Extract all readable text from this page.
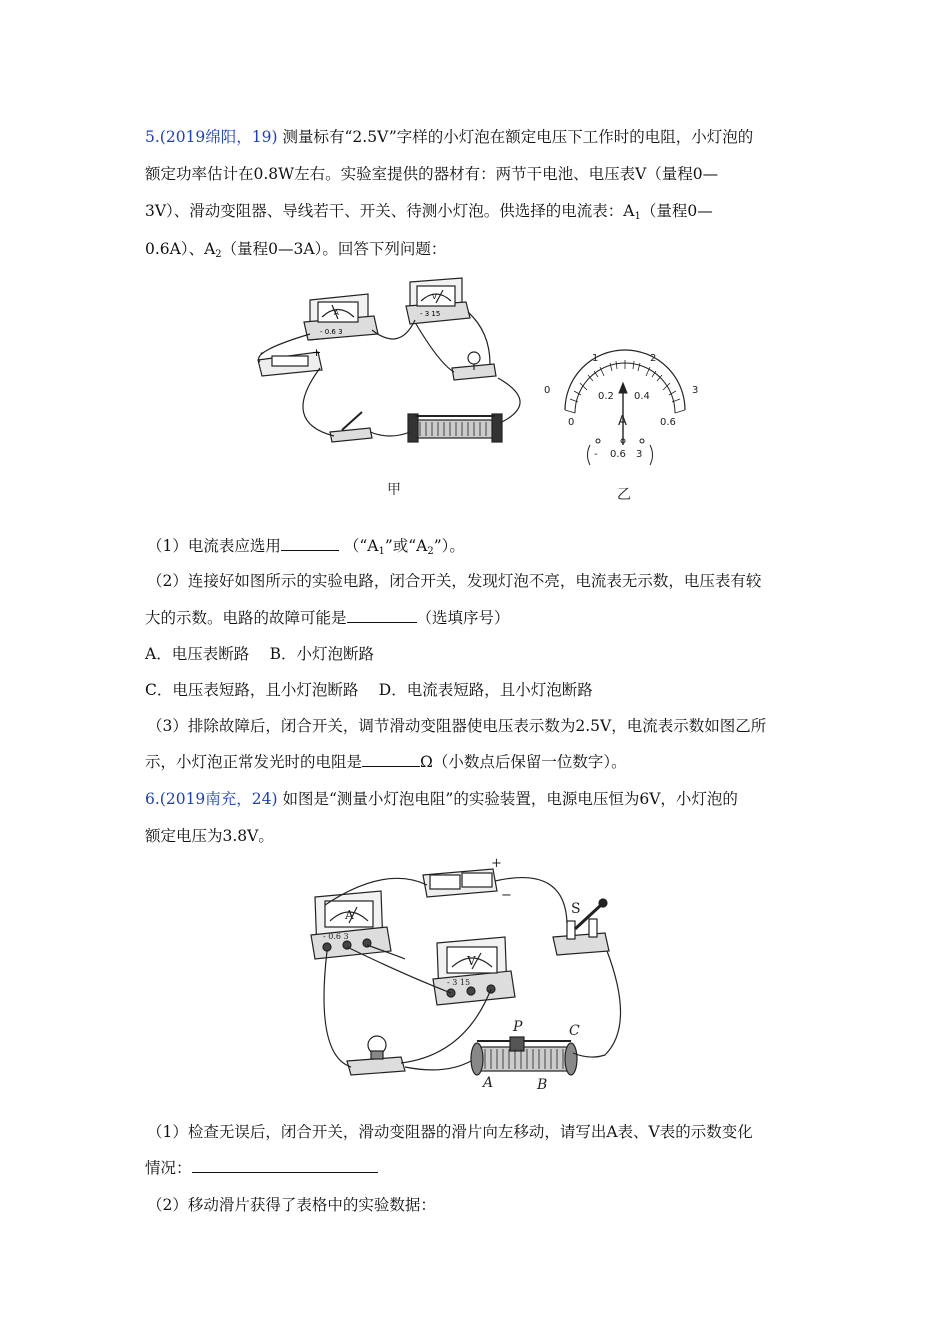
5.(2019绵阳，19) 测量标有“2.5V”字样的小灯泡在额定电压下工作时的电阻，小灯泡的
额定功率估计在0.8W左右。实验室提供的器材有：两节干电池、电压表V（量程0—
3V）、滑动变阻器、导线若干、开关、待测小灯泡。供选择的电流表：$A_1$（量程0—
0.6A）、$A_2$（量程0—3A）。回答下列问题：
-	+
A
- 0.6 3
V
- 3 15
甲
0
1	2
3
0
0.2 0.4
0.6
A
- 0.6 3
乙
（1）电流表应选用	（“$A_1$”或“$A_2$”）。
（2）连接好如图所示的实验电路，闭合开关，发现灯泡不亮，电流表无示数，电压表有较
大的示数。电路的故障可能是	（选填序号）
A．电压表断路　 B．小灯泡断路
C．电压表短路，且小灯泡断路　 D．电流表短路，且小灯泡断路
（3）排除故障后，闭合开关，调节滑动变阻器使电压表示数为2.5V，电流表示数如图乙所
示，小灯泡正常发光时的电阻是	Ω（小数点后保留一位数字）。
6.(2019南充，24) 如图是“测量小灯泡电阻”的实验装置，电源电压恒为6V，小灯泡的
额定电压为3.8V。
+
−
S
A
- 0.6 3
V
- 3 15
P	C
A	B
（1）检查无误后，闭合开关，滑动变阻器的滑片向左移动，请写出A表、V表的示数变化
情况：
（2）移动滑片获得了表格中的实验数据：
